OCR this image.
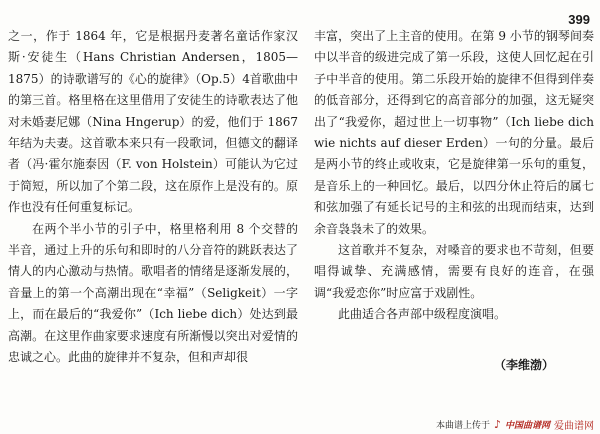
399

之一，作于 1864 年，它是根据丹麦著名童话作家汉斯·安徒生（Hans Christian Andersen，1805—1875）的诗歌谱写的《心的旋律》（Op.5）4首歌曲中的第三首。格里格在这里借用了安徒生的诗歌表达了他对未婚妻尼娜（Nina Hngerup）的爱，他们于 1867 年结为夫妻。这首歌本来只有一段歌词，但德文的翻译者（冯·霍尔施泰因（F. von Holstein）可能认为它过于简短，所以加了个第二段，这在原作上是没有的。原作也没有任何重复标记。

在两个半小节的引子中，格里格利用 8 个交替的半音，通过上升的乐句和即时的八分音符的跳跃表达了情人的内心激动与热情。歌唱者的情绪是逐渐发展的，音量上的第一个高潮出现在“幸福”（Seligkeit）一字上，而在最后的“我爱你”（Ich liebe dich）处达到最高潮。在这里作曲家要求速度有所渐慢以突出对爱情的忠诚之心。此曲的旋律并不复杂，但和声却很

丰富，突出了上主音的使用。在第 9 小节的钢琴间奏中以半音的级进完成了第一乐段，这使人回忆起在引子中半音的使用。第二乐段开始的旋律不但得到伴奏的低音部分，还得到它的高音部分的加强，这无疑突出了“我爱你，超过世上一切事物”（Ich liebe dich wie nichts auf dieser Erden）一句的分量。最后是两小节的终止或收束，它是旋律第一乐句的重复，是音乐上的一种回忆。最后，以四分休止符后的属七和弦加强了有延长记号的主和弦的出现而结束，达到余音袅袅未了的效果。

这首歌并不复杂，对嗓音的要求也不苛刻，但要唱得诚挚、充满感情，需要有良好的连音，在强调“我爱恋你”时应富于戏剧性。

此曲适合各声部中级程度演唱。

（李维渤）
本曲谱上传于 ♪ 中国曲谱网 爱曲谱网
